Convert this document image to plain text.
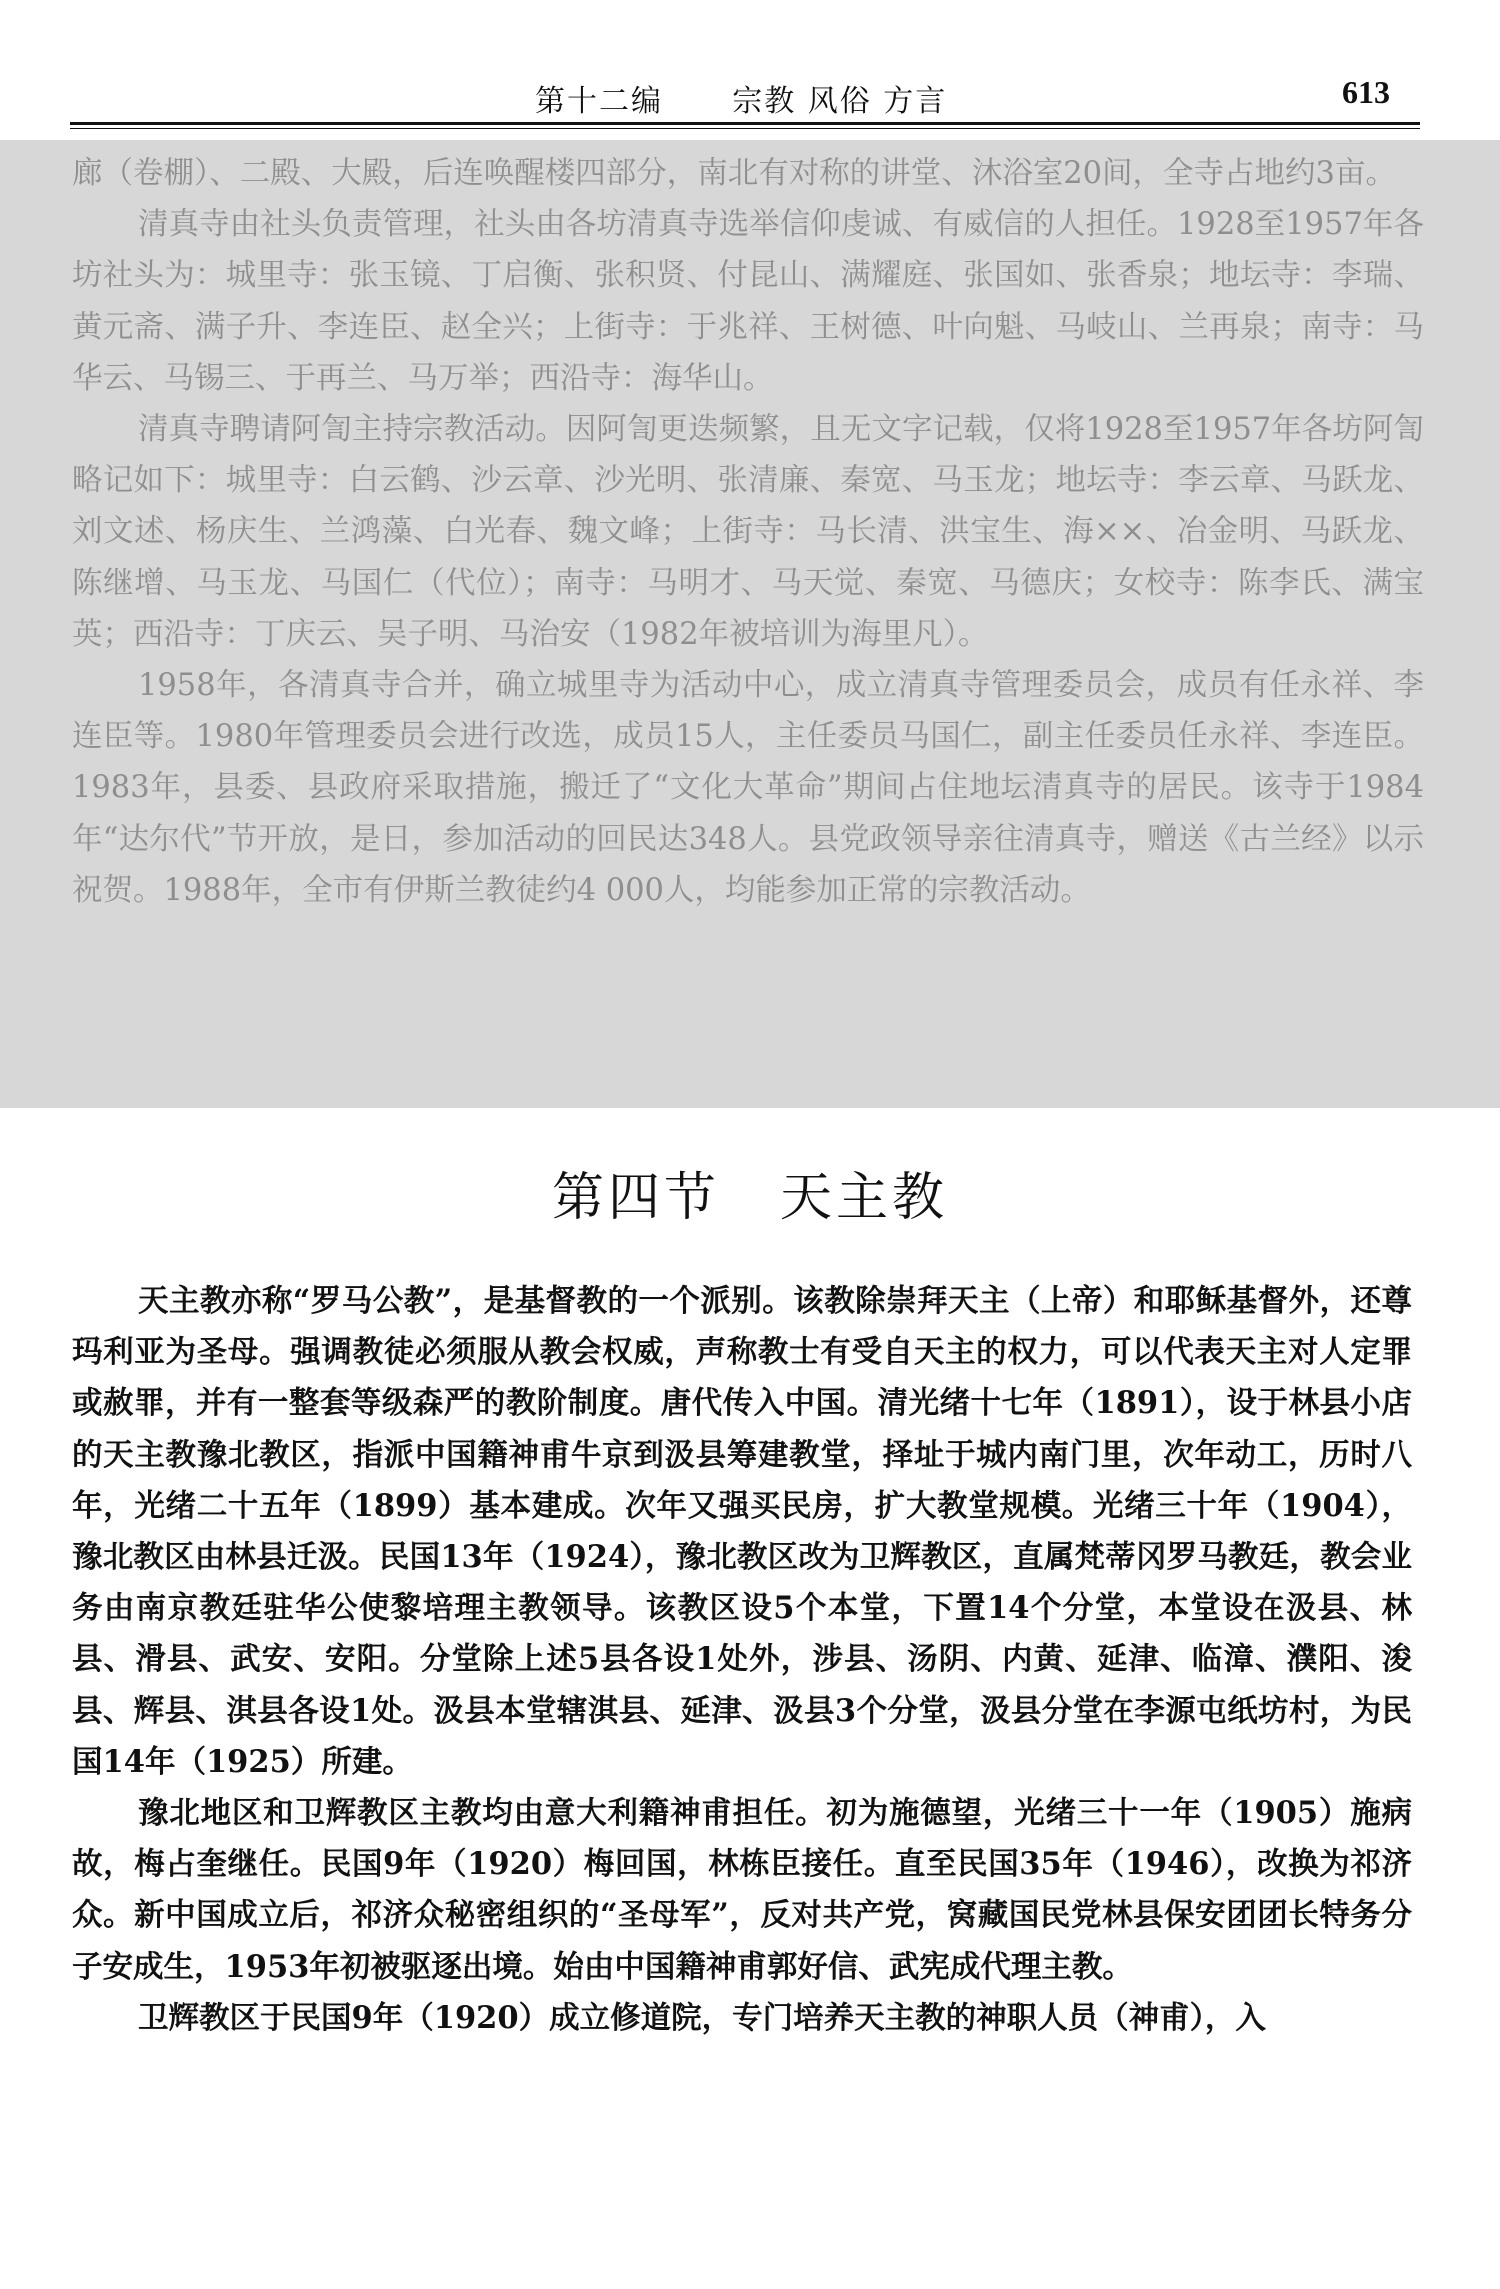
第十二编 宗教 风俗 方言	613

廊（卷棚）、二殿、大殿，后连唤醒楼四部分，南北有对称的讲堂、沐浴室20间，全寺占地约3亩。

清真寺由社头负责管理，社头由各坊清真寺选举信仰虔诚、有威信的人担任。1928至1957年各坊社头为：城里寺：张玉镜、丁启衡、张积贤、付昆山、满耀庭、张国如、张香泉；地坛寺：李瑞、黄元斋、满子升、李连臣、赵全兴；上街寺：于兆祥、王树德、叶向魁、马岐山、兰再泉；南寺：马华云、马锡三、于再兰、马万举；西沿寺：海华山。

清真寺聘请阿訇主持宗教活动。因阿訇更迭频繁，且无文字记载，仅将1928至1957年各坊阿訇略记如下：城里寺：白云鹤、沙云章、沙光明、张清廉、秦宽、马玉龙；地坛寺：李云章、马跃龙、刘文述、杨庆生、兰鸿藻、白光春、魏文峰；上街寺：马长清、洪宝生、海××、冶金明、马跃龙、陈继增、马玉龙、马国仁（代位）；南寺：马明才、马天觉、秦宽、马德庆；女校寺：陈李氏、满宝英；西沿寺：丁庆云、吴子明、马治安（1982年被培训为海里凡）。

1958年，各清真寺合并，确立城里寺为活动中心，成立清真寺管理委员会，成员有任永祥、李连臣等。1980年管理委员会进行改选，成员15人，主任委员马国仁，副主任委员任永祥、李连臣。1983年，县委、县政府采取措施，搬迁了“文化大革命”期间占住地坛清真寺的居民。该寺于1984年“达尔代”节开放，是日，参加活动的回民达348人。县党政领导亲往清真寺，赠送《古兰经》以示祝贺。1988年，全市有伊斯兰教徒约4 000人，均能参加正常的宗教活动。

第四节 天主教

天主教亦称“罗马公教”，是基督教的一个派别。该教除崇拜天主（上帝）和耶稣基督外，还尊玛利亚为圣母。强调教徒必须服从教会权威，声称教士有受自天主的权力，可以代表天主对人定罪或赦罪，并有一整套等级森严的教阶制度。唐代传入中国。清光绪十七年（1891），设于林县小店的天主教豫北教区，指派中国籍神甫牛京到汲县筹建教堂，择址于城内南门里，次年动工，历时八年，光绪二十五年（1899）基本建成。次年又强买民房，扩大教堂规模。光绪三十年（1904），豫北教区由林县迁汲。民国13年（1924），豫北教区改为卫辉教区，直属梵蒂冈罗马教廷，教会业务由南京教廷驻华公使黎培理主教领导。该教区设5个本堂，下置14个分堂，本堂设在汲县、林县、滑县、武安、安阳。分堂除上述5县各设1处外，涉县、汤阴、内黄、延津、临漳、濮阳、浚县、辉县、淇县各设1处。汲县本堂辖淇县、延津、汲县3个分堂，汲县分堂在李源屯纸坊村，为民国14年（1925）所建。

豫北地区和卫辉教区主教均由意大利籍神甫担任。初为施德望，光绪三十一年（1905）施病故，梅占奎继任。民国9年（1920）梅回国，林栋臣接任。直至民国35年（1946），改换为祁济众。新中国成立后，祁济众秘密组织的“圣母军”，反对共产党，窝藏国民党林县保安团团长特务分子安成生，1953年初被驱逐出境。始由中国籍神甫郭好信、武宪成代理主教。

卫辉教区于民国9年（1920）成立修道院，专门培养天主教的神职人员（神甫），入
